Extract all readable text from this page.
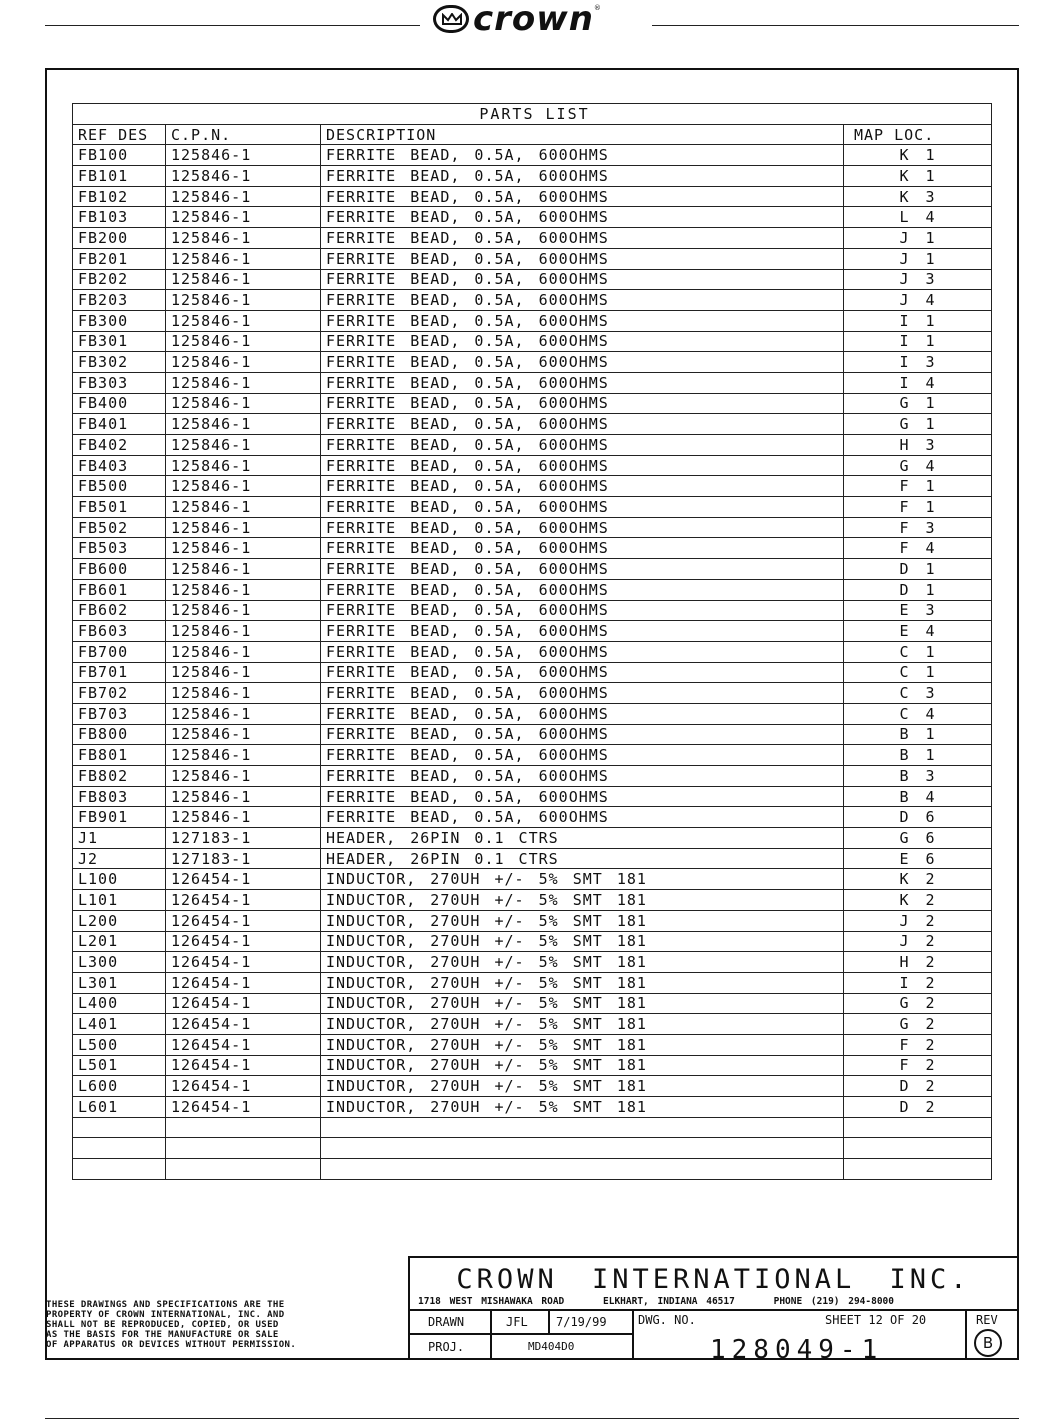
crown ®
PARTS LIST			
REF DES	C.P.N.	DESCRIPTION	MAP LOC.
FB100	125846-1	FERRITE BEAD, 0.5A, 600OHMS	K 1
FB101	125846-1	FERRITE BEAD, 0.5A, 600OHMS	K 1
FB102	125846-1	FERRITE BEAD, 0.5A, 600OHMS	K 3
FB103	125846-1	FERRITE BEAD, 0.5A, 600OHMS	L 4
FB200	125846-1	FERRITE BEAD, 0.5A, 600OHMS	J 1
FB201	125846-1	FERRITE BEAD, 0.5A, 600OHMS	J 1
FB202	125846-1	FERRITE BEAD, 0.5A, 600OHMS	J 3
FB203	125846-1	FERRITE BEAD, 0.5A, 600OHMS	J 4
FB300	125846-1	FERRITE BEAD, 0.5A, 600OHMS	I 1
FB301	125846-1	FERRITE BEAD, 0.5A, 600OHMS	I 1
FB302	125846-1	FERRITE BEAD, 0.5A, 600OHMS	I 3
FB303	125846-1	FERRITE BEAD, 0.5A, 600OHMS	I 4
FB400	125846-1	FERRITE BEAD, 0.5A, 600OHMS	G 1
FB401	125846-1	FERRITE BEAD, 0.5A, 600OHMS	G 1
FB402	125846-1	FERRITE BEAD, 0.5A, 600OHMS	H 3
FB403	125846-1	FERRITE BEAD, 0.5A, 600OHMS	G 4
FB500	125846-1	FERRITE BEAD, 0.5A, 600OHMS	F 1
FB501	125846-1	FERRITE BEAD, 0.5A, 600OHMS	F 1
FB502	125846-1	FERRITE BEAD, 0.5A, 600OHMS	F 3
FB503	125846-1	FERRITE BEAD, 0.5A, 600OHMS	F 4
FB600	125846-1	FERRITE BEAD, 0.5A, 600OHMS	D 1
FB601	125846-1	FERRITE BEAD, 0.5A, 600OHMS	D 1
FB602	125846-1	FERRITE BEAD, 0.5A, 600OHMS	E 3
FB603	125846-1	FERRITE BEAD, 0.5A, 600OHMS	E 4
FB700	125846-1	FERRITE BEAD, 0.5A, 600OHMS	C 1
FB701	125846-1	FERRITE BEAD, 0.5A, 600OHMS	C 1
FB702	125846-1	FERRITE BEAD, 0.5A, 600OHMS	C 3
FB703	125846-1	FERRITE BEAD, 0.5A, 600OHMS	C 4
FB800	125846-1	FERRITE BEAD, 0.5A, 600OHMS	B 1
FB801	125846-1	FERRITE BEAD, 0.5A, 600OHMS	B 1
FB802	125846-1	FERRITE BEAD, 0.5A, 600OHMS	B 3
FB803	125846-1	FERRITE BEAD, 0.5A, 600OHMS	B 4
FB901	125846-1	FERRITE BEAD, 0.5A, 600OHMS	D 6
J1	127183-1	HEADER, 26PIN 0.1 CTRS	G 6
J2	127183-1	HEADER, 26PIN 0.1 CTRS	E 6
L100	126454-1	INDUCTOR, 270UH +/- 5% SMT 181	K 2
L101	126454-1	INDUCTOR, 270UH +/- 5% SMT 181	K 2
L200	126454-1	INDUCTOR, 270UH +/- 5% SMT 181	J 2
L201	126454-1	INDUCTOR, 270UH +/- 5% SMT 181	J 2
L300	126454-1	INDUCTOR, 270UH +/- 5% SMT 181	H 2
L301	126454-1	INDUCTOR, 270UH +/- 5% SMT 181	I 2
L400	126454-1	INDUCTOR, 270UH +/- 5% SMT 181	G 2
L401	126454-1	INDUCTOR, 270UH +/- 5% SMT 181	G 2
L500	126454-1	INDUCTOR, 270UH +/- 5% SMT 181	F 2
L501	126454-1	INDUCTOR, 270UH +/- 5% SMT 181	F 2
L600	126454-1	INDUCTOR, 270UH +/- 5% SMT 181	D 2
L601	126454-1	INDUCTOR, 270UH +/- 5% SMT 181	D 2

CROWN INTERNATIONAL INC.
1718 WEST MISHAWAKA ROAD	ELKHART, INDIANA 46517	PHONE (219) 294-8000
DRAWN	JFL 7/19/99
PROJ.	MD404D0
DWG. NO.	SHEET 12 OF 20	REV
128049-1	B
THESE DRAWINGS AND SPECIFICATIONS ARE THE
PROPERTY OF CROWN INTERNATIONAL, INC. AND
SHALL NOT BE REPRODUCED, COPIED, OR USED
AS THE BASIS FOR THE MANUFACTURE OR SALE
OF APPARATUS OR DEVICES WITHOUT PERMISSION.
